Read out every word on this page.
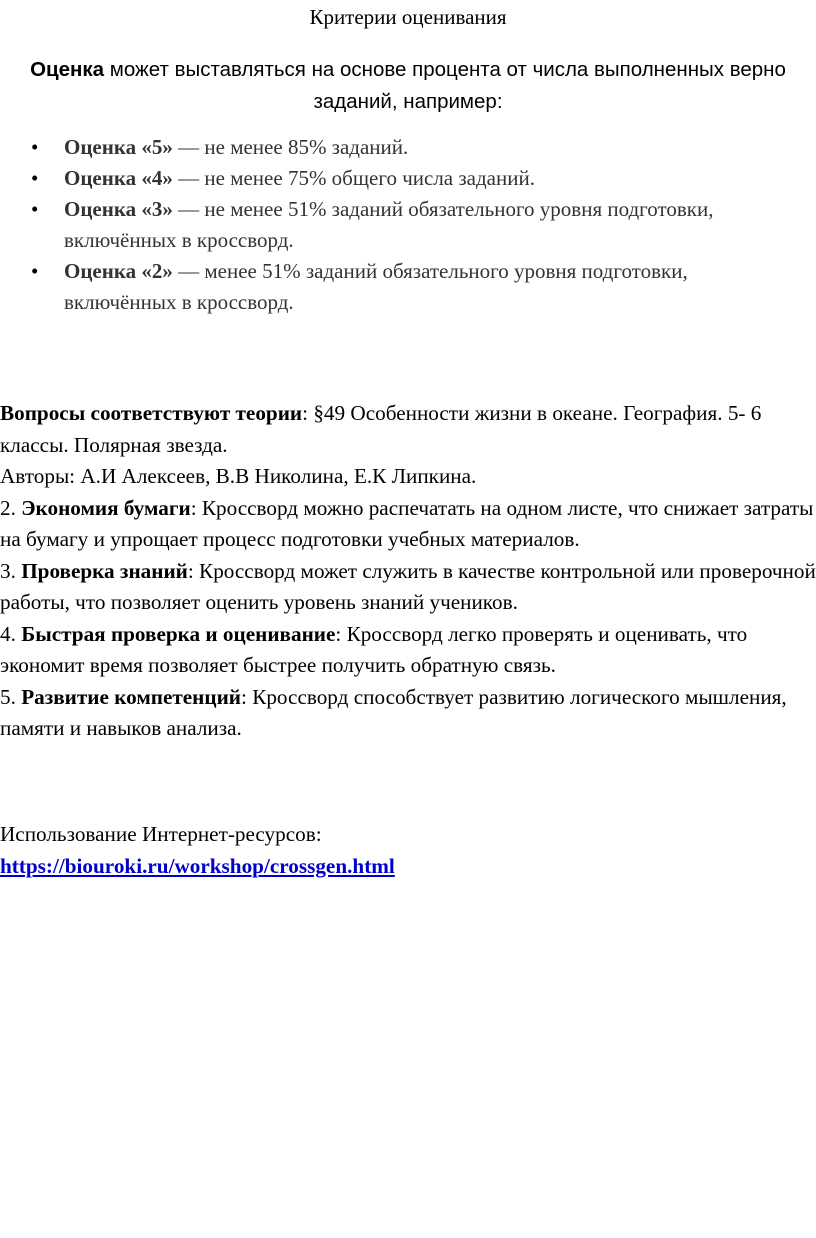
Критерии оценивания
Оценка может выставляться на основе процента от числа выполненных верно заданий, например:
• Оценка «5» — не менее 85% заданий.
• Оценка «4» — не менее 75% общего числа заданий.
• Оценка «3» — не менее 51% заданий обязательного уровня подготовки, включённых в кроссворд.
• Оценка «2» — менее 51% заданий обязательного уровня подготовки, включённых в кроссворд.

Вопросы соответствуют теории: §49 Особенности жизни в океане. География. 5- 6 классы. Полярная звезда.

Авторы: А.И Алексеев, В.В Николина, Е.К Липкина.

2. Экономия бумаги: Кроссворд можно распечатать на одном листе, что снижает затраты на бумагу и упрощает процесс подготовки учебных материалов.

3. Проверка знаний: Кроссворд может служить в качестве контрольной или проверочной работы, что позволяет оценить уровень знаний учеников.

4. Быстрая проверка и оценивание: Кроссворд легко проверять и оценивать, что экономит время позволяет быстрее получить обратную связь.

5. Развитие компетенций: Кроссворд способствует развитию логического мышления, памяти и навыков анализа.

Использование Интернет-ресурсов:

https://biouroki.ru/workshop/crossgen.html
